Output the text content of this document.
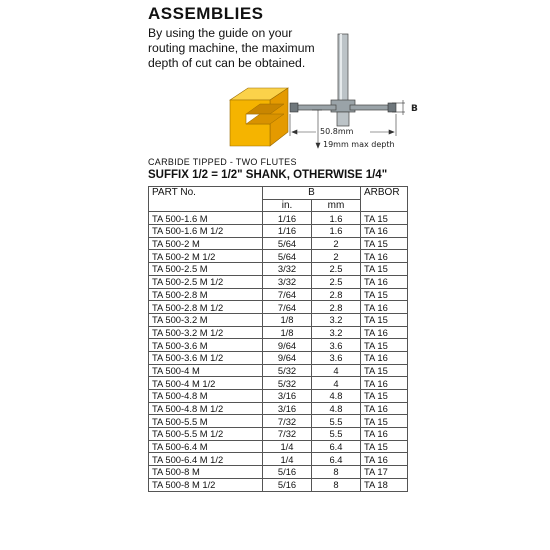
ASSEMBLIES
By using the guide on your
routing machine, the maximum
depth of cut can be obtained.
B
50.8mm
19mm max depth
CARBIDE TIPPED - TWO FLUTES
SUFFIX 1/2 = 1/2" SHANK, OTHERWISE 1/4"
PART No.	B		ARBOR
	in.	mm	
TA 500-1.6 M	1/16	1.6	TA 15
TA 500-1.6 M 1/2	1/16	1.6	TA 16
TA 500-2 M	5/64	2	TA 15
TA 500-2 M 1/2	5/64	2	TA 16
TA 500-2.5 M	3/32	2.5	TA 15
TA 500-2.5 M 1/2	3/32	2.5	TA 16
TA 500-2.8 M	7/64	2.8	TA 15
TA 500-2.8 M 1/2	7/64	2.8	TA 16
TA 500-3.2 M	1/8	3.2	TA 15
TA 500-3.2 M 1/2	1/8	3.2	TA 16
TA 500-3.6 M	9/64	3.6	TA 15
TA 500-3.6 M 1/2	9/64	3.6	TA 16
TA 500-4 M	5/32	4	TA 15
TA 500-4 M 1/2	5/32	4	TA 16
TA 500-4.8 M	3/16	4.8	TA 15
TA 500-4.8 M 1/2	3/16	4.8	TA 16
TA 500-5.5 M	7/32	5.5	TA 15
TA 500-5.5 M 1/2	7/32	5.5	TA 16
TA 500-6.4 M	1/4	6.4	TA 15
TA 500-6.4 M 1/2	1/4	6.4	TA 16
TA 500-8 M	5/16	8	TA 17
TA 500-8 M 1/2	5/16	8	TA 18
